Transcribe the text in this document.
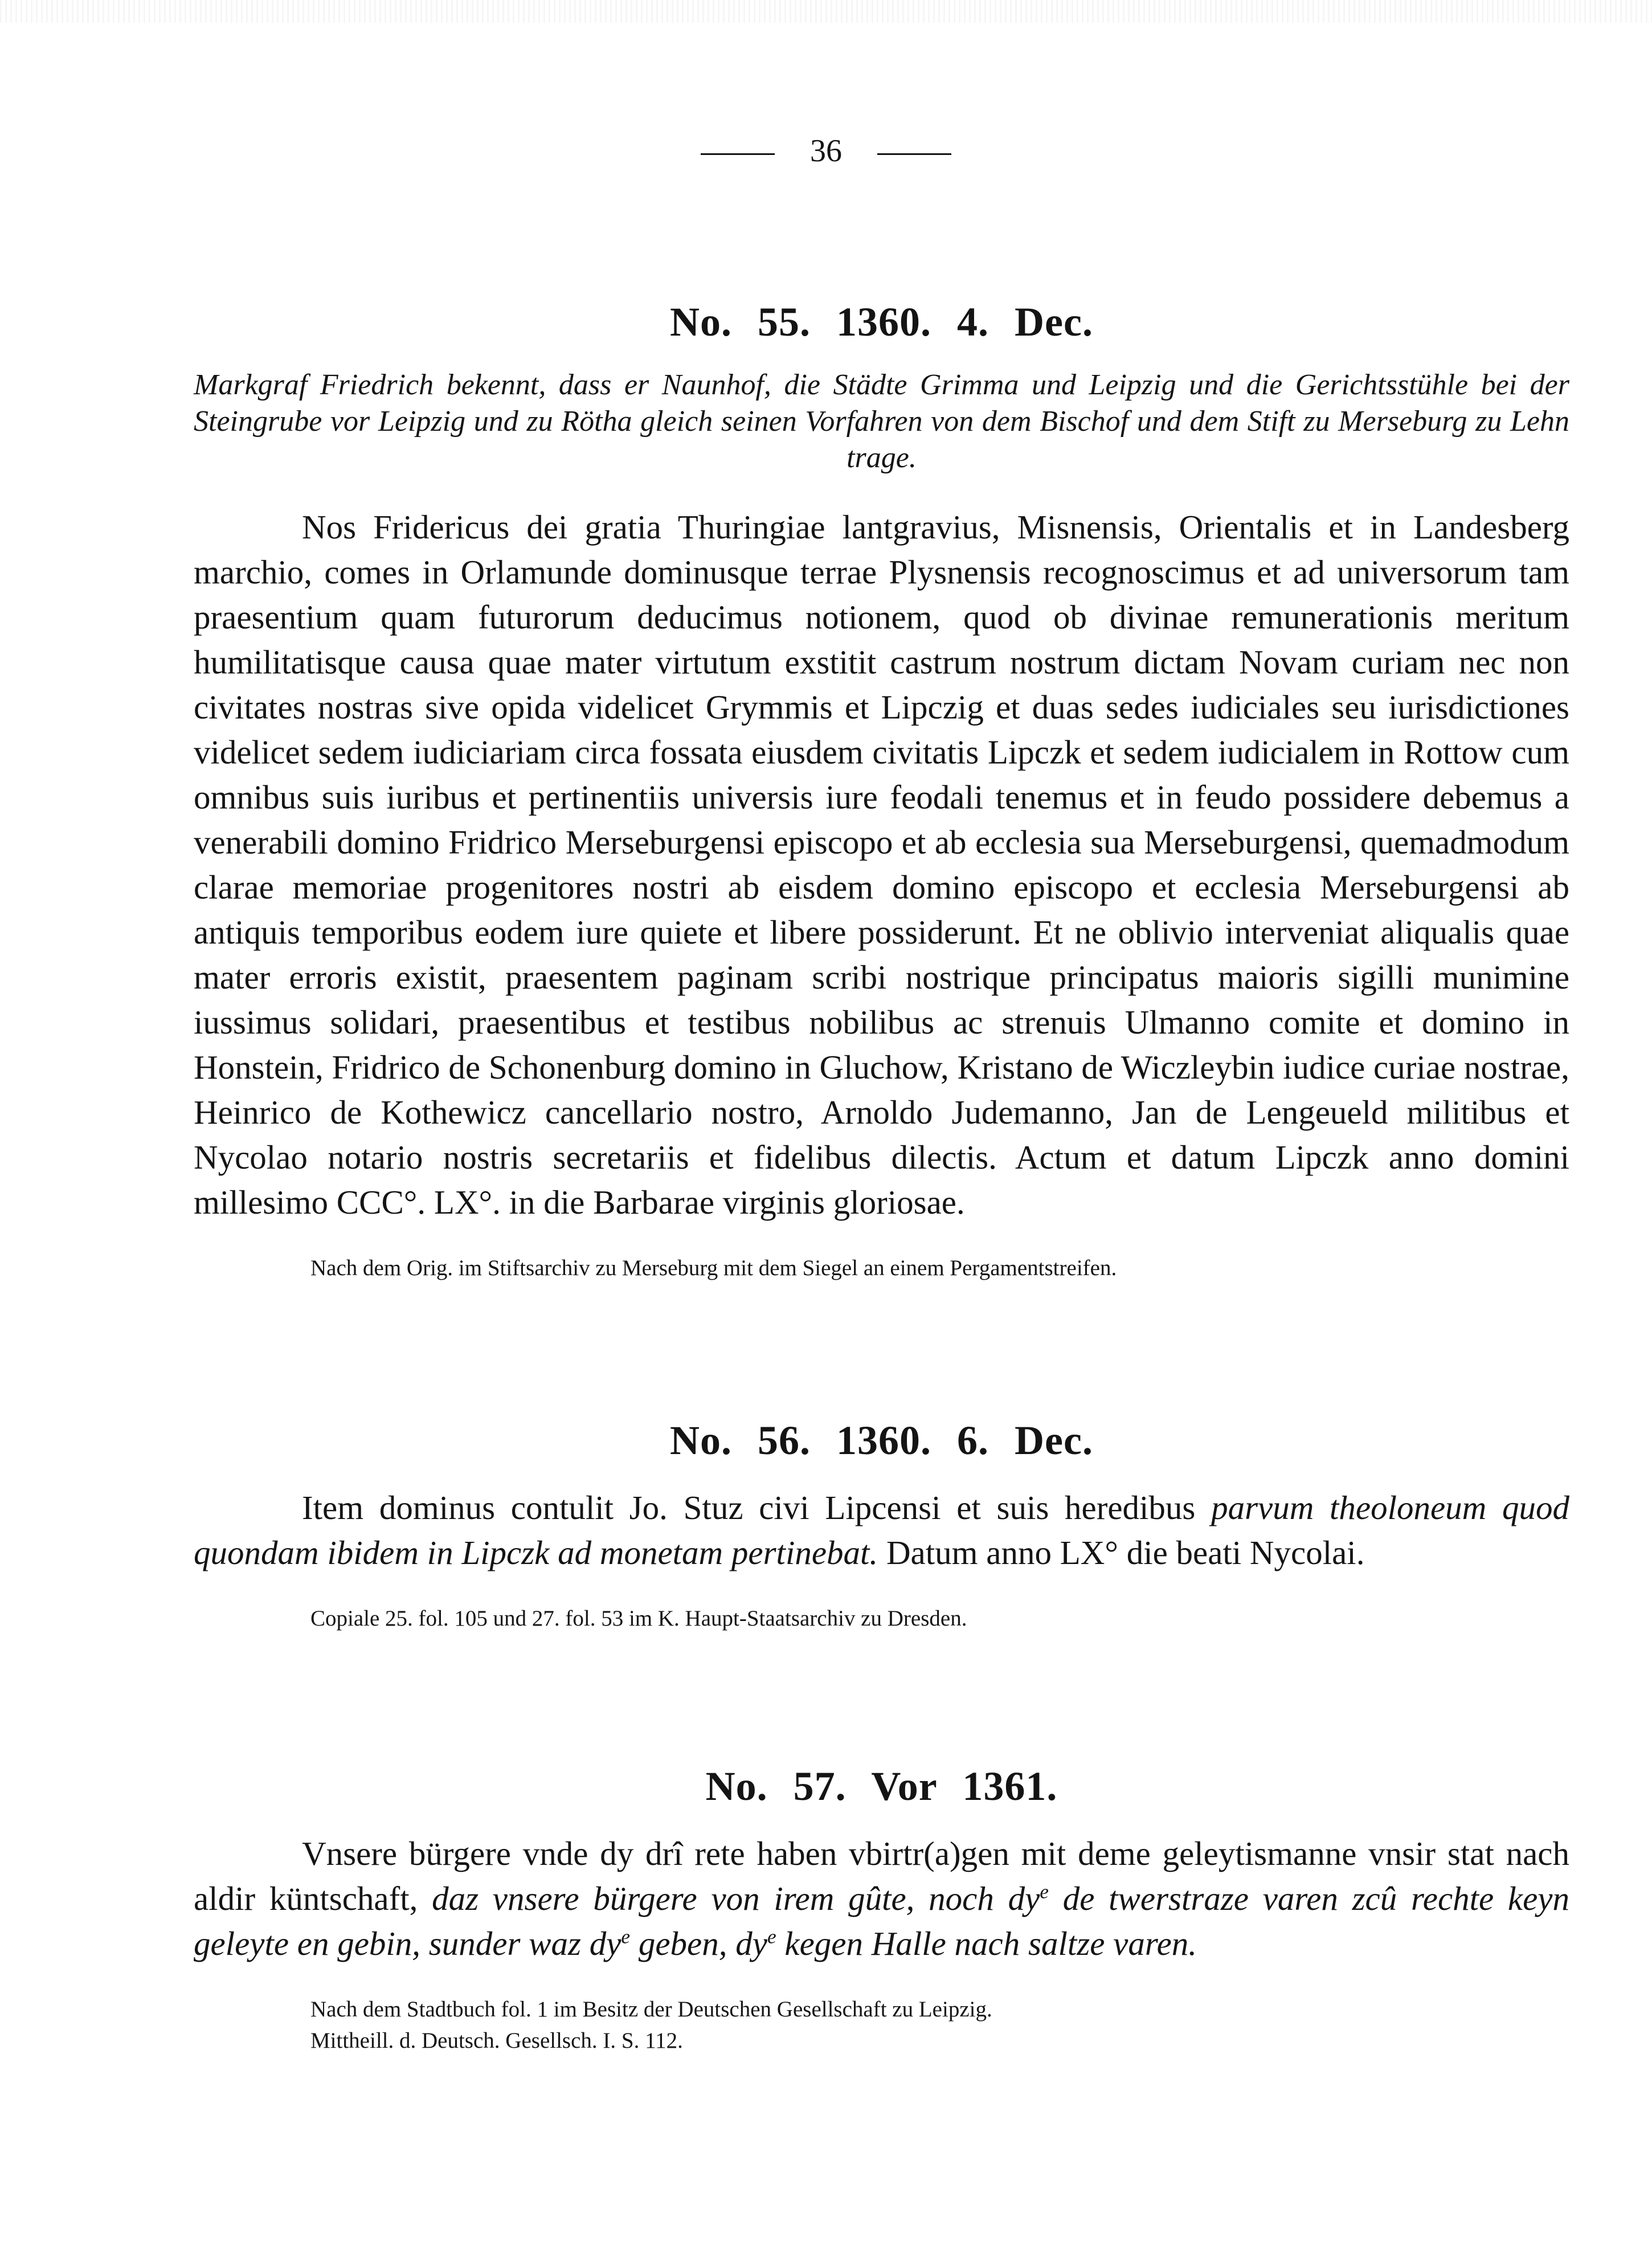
36
No. 55. 1360. 4. Dec.

Markgraf Friedrich bekennt, dass er Naunhof, die Städte Grimma und Leipzig und die Gerichtsstühle bei der Steingrube vor Leipzig und zu Rötha gleich seinen Vorfahren von dem Bischof und dem Stift zu Merseburg zu Lehn trage.

Nos Fridericus dei gratia Thuringiae lantgravius, Misnensis, Orientalis et in Landesberg marchio, comes in Orlamunde dominusque terrae Plysnensis recognoscimus et ad universorum tam praesentium quam futurorum deducimus notionem, quod ob divinae remunerationis meritum humilitatisque causa quae mater virtutum exstitit castrum nostrum dictam Novam curiam nec non civitates nostras sive opida videlicet Grymmis et Lipczig et duas sedes iudiciales seu iurisdictiones videlicet sedem iudiciariam circa fossata eiusdem civitatis Lipczk et sedem iudicialem in Rottow cum omnibus suis iuribus et pertinentiis universis iure feodali tenemus et in feudo possidere debemus a venerabili domino Fridrico Merseburgensi episcopo et ab ecclesia sua Merseburgensi, quemadmodum clarae memoriae progenitores nostri ab eisdem domino episcopo et ecclesia Merseburgensi ab antiquis temporibus eodem iure quiete et libere possiderunt. Et ne oblivio interveniat aliqualis quae mater erroris existit, praesentem paginam scribi nostrique principatus maioris sigilli munimine iussimus solidari, praesentibus et testibus nobilibus ac strenuis Ulmanno comite et domino in Honstein, Fridrico de Schonenburg domino in Gluchow, Kristano de Wiczleybin iudice curiae nostrae, Heinrico de Kothewicz cancellario nostro, Arnoldo Judemanno, Jan de Lengeueld militibus et Nycolao notario nostris secretariis et fidelibus dilectis. Actum et datum Lipczk anno domini millesimo CCC°. LX°. in die Barbarae virginis gloriosae.

Nach dem Orig. im Stiftsarchiv zu Merseburg mit dem Siegel an einem Pergamentstreifen.

No. 56. 1360. 6. Dec.

Item dominus contulit Jo. Stuz civi Lipcensi et suis heredibus parvum theoloneum quod quondam ibidem in Lipczk ad monetam pertinebat. Datum anno LX° die beati Nycolai.

Copiale 25. fol. 105 und 27. fol. 53 im K. Haupt-Staatsarchiv zu Dresden.

No. 57. Vor 1361.

Vnsere bürgere vnde dy drî rete haben vbirtr(a)gen mit deme geleytismanne vnsir stat nach aldir küntschaft, daz vnsere bürgere von irem gûte, noch $dy^e$ de twerstraze varen zcû rechte keyn geleyte en gebin, sunder waz $dy^e$ geben, $dy^e$ kegen Halle nach saltze varen.

Nach dem Stadtbuch fol. 1 im Besitz der Deutschen Gesellschaft zu Leipzig.

Mittheill. d. Deutsch. Gesellsch. I. S. 112.
